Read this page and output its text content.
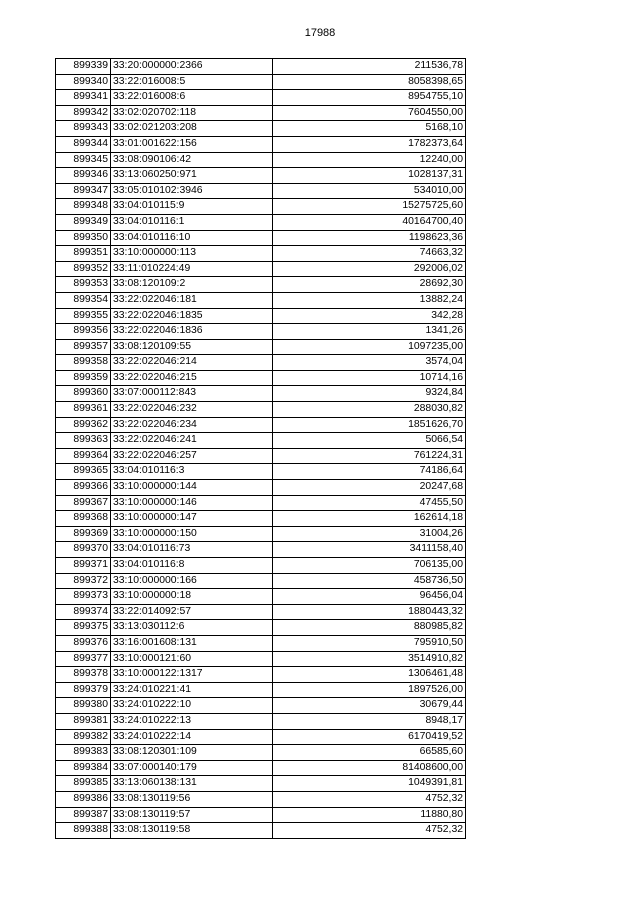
17988
899339	33:20:000000:2366	211536,78
899340	33:22:016008:5	8058398,65
899341	33:22:016008:6	8954755,10
899342	33:02:020702:118	7604550,00
899343	33:02:021203:208	5168,10
899344	33:01:001622:156	1782373,64
899345	33:08:090106:42	12240,00
899346	33:13:060250:971	1028137,31
899347	33:05:010102:3946	534010,00
899348	33:04:010115:9	15275725,60
899349	33:04:010116:1	40164700,40
899350	33:04:010116:10	1198623,36
899351	33:10:000000:113	74663,32
899352	33:11:010224:49	292006,02
899353	33:08:120109:2	28692,30
899354	33:22:022046:181	13882,24
899355	33:22:022046:1835	342,28
899356	33:22:022046:1836	1341,26
899357	33:08:120109:55	1097235,00
899358	33:22:022046:214	3574,04
899359	33:22:022046:215	10714,16
899360	33:07:000112:843	9324,84
899361	33:22:022046:232	288030,82
899362	33:22:022046:234	1851626,70
899363	33:22:022046:241	5066,54
899364	33:22:022046:257	761224,31
899365	33:04:010116:3	74186,64
899366	33:10:000000:144	20247,68
899367	33:10:000000:146	47455,50
899368	33:10:000000:147	162614,18
899369	33:10:000000:150	31004,26
899370	33:04:010116:73	3411158,40
899371	33:04:010116:8	706135,00
899372	33:10:000000:166	458736,50
899373	33:10:000000:18	96456,04
899374	33:22:014092:57	1880443,32
899375	33:13:030112:6	880985,82
899376	33:16:001608:131	795910,50
899377	33:10:000121:60	3514910,82
899378	33:10:000122:1317	1306461,48
899379	33:24:010221:41	1897526,00
899380	33:24:010222:10	30679,44
899381	33:24:010222:13	8948,17
899382	33:24:010222:14	6170419,52
899383	33:08:120301:109	66585,60
899384	33:07:000140:179	81408600,00
899385	33:13:060138:131	1049391,81
899386	33:08:130119:56	4752,32
899387	33:08:130119:57	11880,80
899388	33:08:130119:58	4752,32
